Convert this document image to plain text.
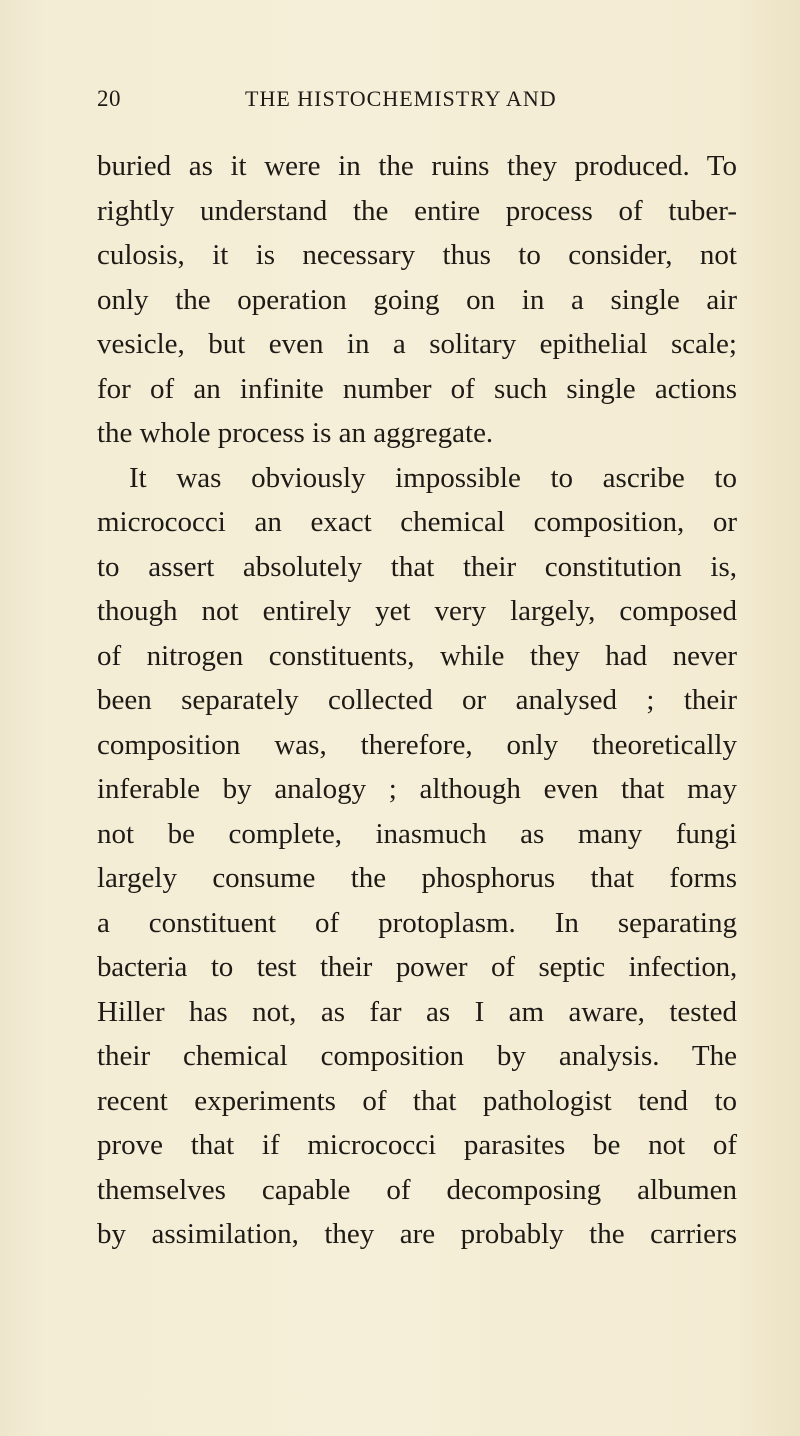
20	THE HISTOCHEMISTRY AND
buried as it were in the ruins they produced. To
rightly understand the entire process of tuber-
culosis, it is necessary thus to consider, not
only the operation going on in a single air
vesicle, but even in a solitary epithelial scale;
for of an infinite number of such single actions
the whole process is an aggregate.
It was obviously impossible to ascribe to
micrococci an exact chemical composition, or
to assert absolutely that their constitution is,
though not entirely yet very largely, composed
of nitrogen constituents, while they had never
been separately collected or analysed ; their
composition was, therefore, only theoretically
inferable by analogy ; although even that may
not be complete, inasmuch as many fungi
largely consume the phosphorus that forms
a constituent of protoplasm. In separating
bacteria to test their power of septic infection,
Hiller has not, as far as I am aware, tested
their chemical composition by analysis. The
recent experiments of that pathologist tend to
prove that if micrococci parasites be not of
themselves capable of decomposing albumen
by assimilation, they are probably the carriers
